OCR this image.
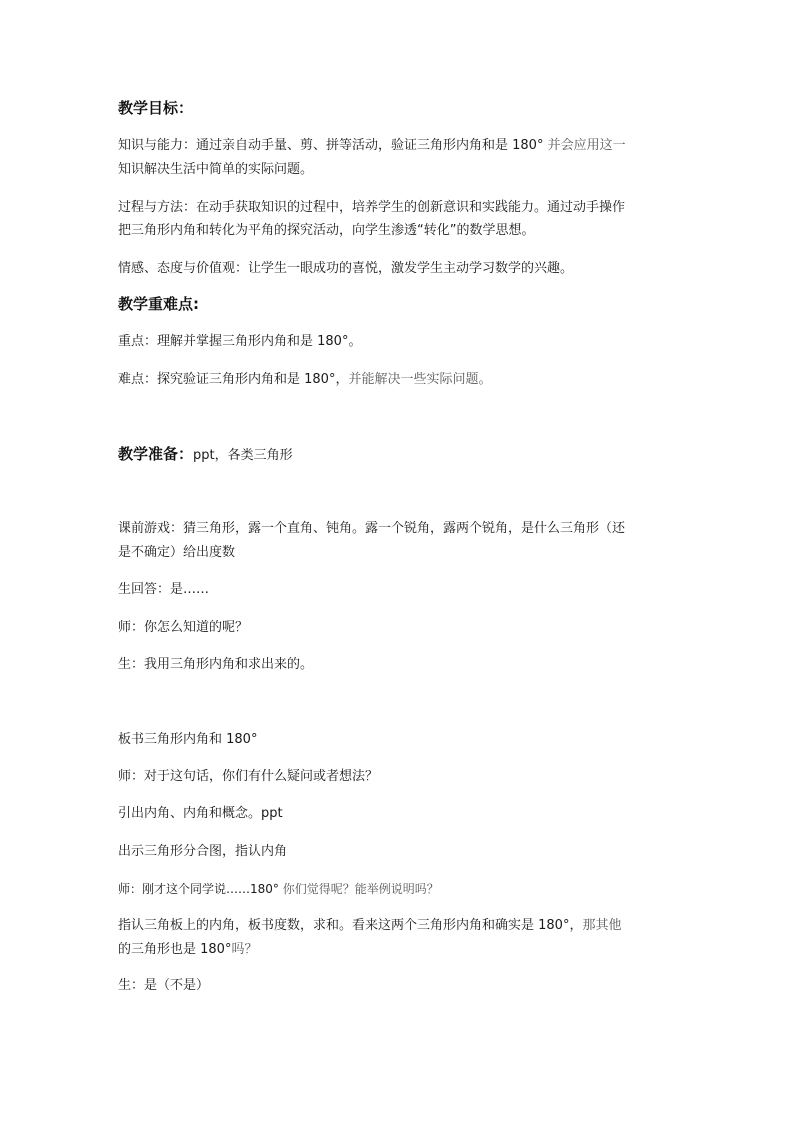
教学目标：
知识与能力：通过亲自动手量、剪、拼等活动，验证三角形内角和是 180° 并会应用这一
知识解决生活中简单的实际问题。
过程与方法：在动手获取知识的过程中，培养学生的创新意识和实践能力。通过动手操作
把三角形内角和转化为平角的探究活动，向学生渗透“转化”的数学思想。
情感、态度与价值观：让学生一眼成功的喜悦，激发学生主动学习数学的兴趣。
教学重难点:
重点：理解并掌握三角形内角和是 180°。
难点：探究验证三角形内角和是 180°，并能解决一些实际问题。
教学准备：ppt，各类三角形
课前游戏：猜三角形，露一个直角、钝角。露一个锐角，露两个锐角，是什么三角形（还
是不确定）给出度数
生回答：是……
师：你怎么知道的呢？
生：我用三角形内角和求出来的。
板书三角形内角和 180°
师：对于这句话，你们有什么疑问或者想法？
引出内角、内角和概念。ppt
出示三角形分合图，指认内角
师：刚才这个同学说……180° 你们觉得呢？能举例说明吗？
指认三角板上的内角，板书度数，求和。看来这两个三角形内角和确实是 180°，那其他
的三角形也是 180°吗？
生：是（不是）
